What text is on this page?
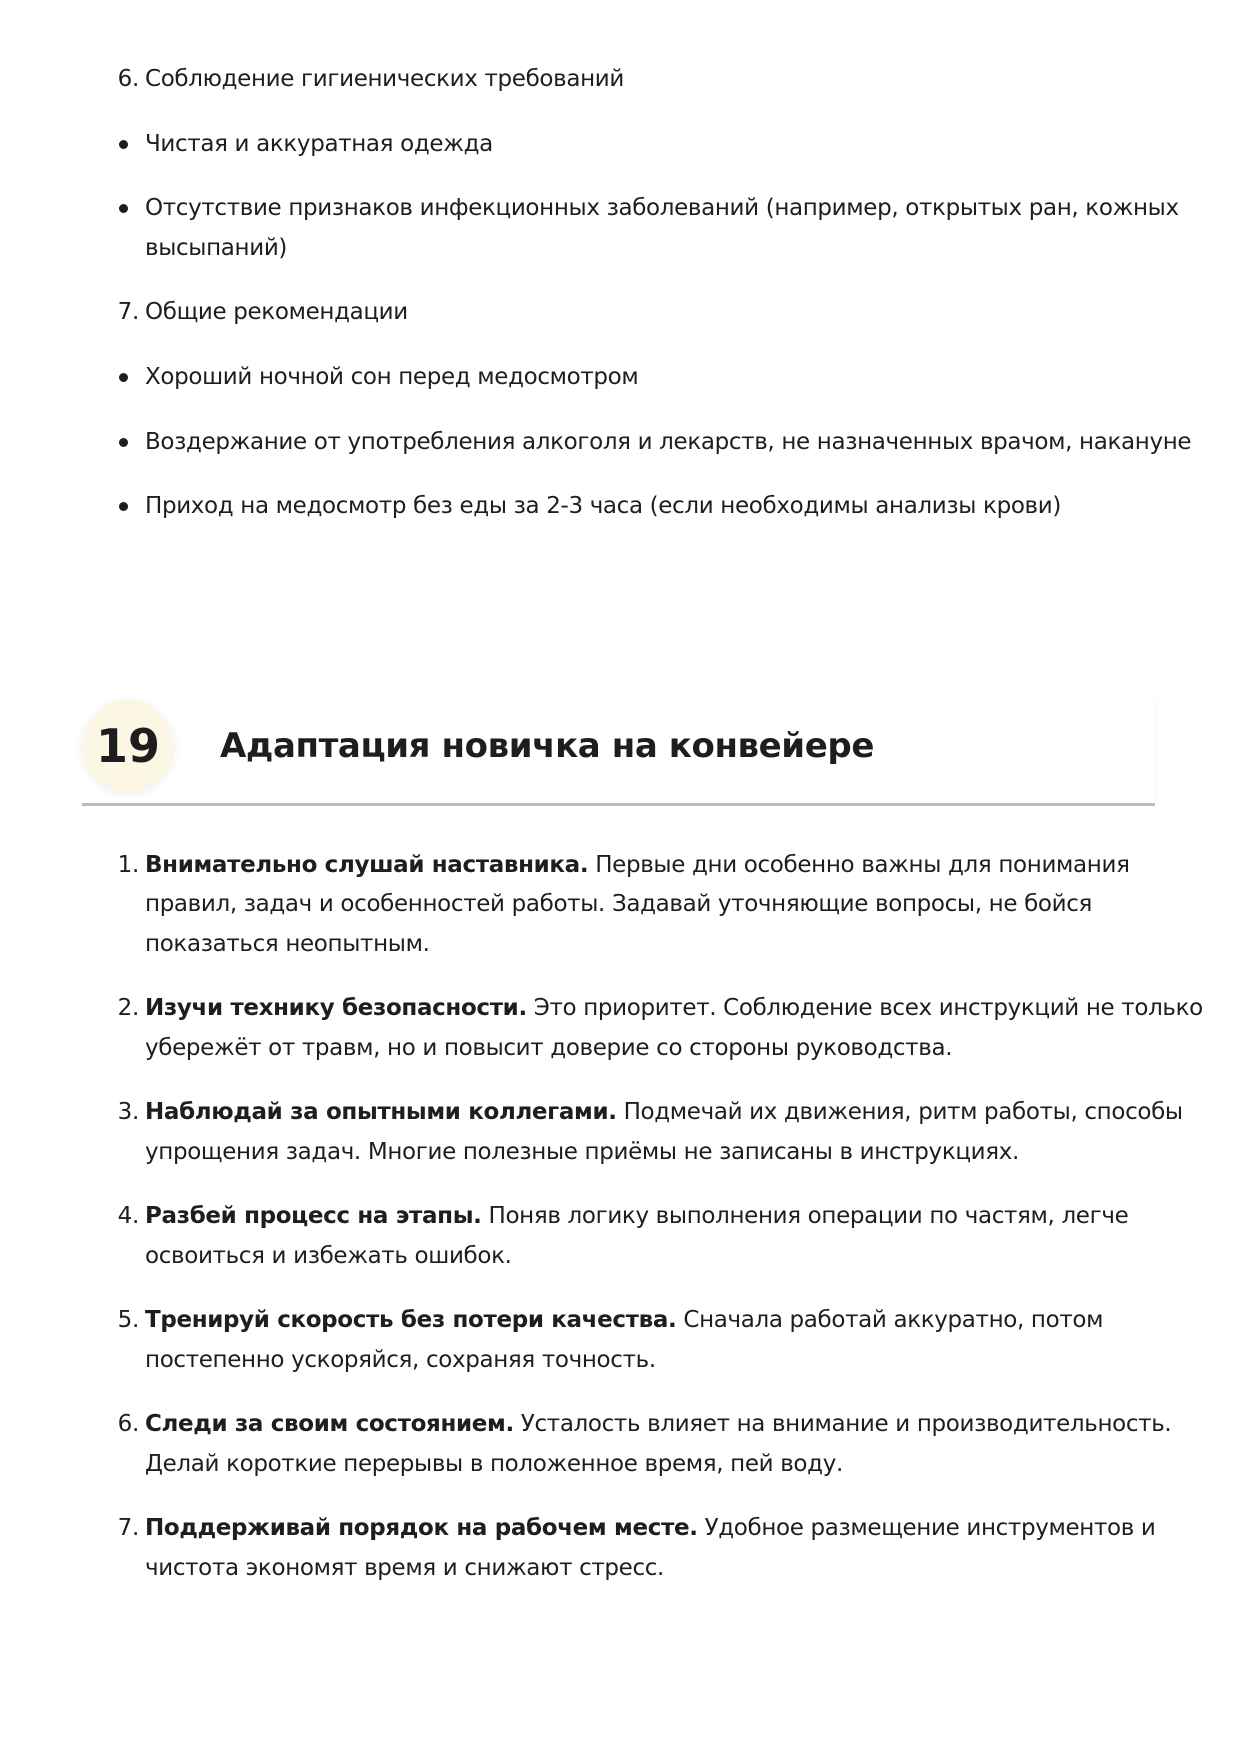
6. Соблюдение гигиенических требований
Чистая и аккуратная одежда
Отсутствие признаков инфекционных заболеваний (например, открытых ран, кожных
высыпаний)
7. Общие рекомендации
Хороший ночной сон перед медосмотром
Воздержание от употребления алкоголя и лекарств, не назначенных врачом, накануне
Приход на медосмотр без еды за 2-3 часа (если необходимы анализы крови)
19	Адаптация новичка на конвейере
1. Внимательно слушай наставника. Первые дни особенно важны для понимания
правил, задач и особенностей работы. Задавай уточняющие вопросы, не бойся
показаться неопытным.
2. Изучи технику безопасности. Это приоритет. Соблюдение всех инструкций не только
убережёт от травм, но и повысит доверие со стороны руководства.
3. Наблюдай за опытными коллегами. Подмечай их движения, ритм работы, способы
упрощения задач. Многие полезные приёмы не записаны в инструкциях.
4. Разбей процесс на этапы. Поняв логику выполнения операции по частям, легче
освоиться и избежать ошибок.
5. Тренируй скорость без потери качества. Сначала работай аккуратно, потом
постепенно ускоряйся, сохраняя точность.
6. Следи за своим состоянием. Усталость влияет на внимание и производительность.
Делай короткие перерывы в положенное время, пей воду.
7. Поддерживай порядок на рабочем месте. Удобное размещение инструментов и
чистота экономят время и снижают стресс.
